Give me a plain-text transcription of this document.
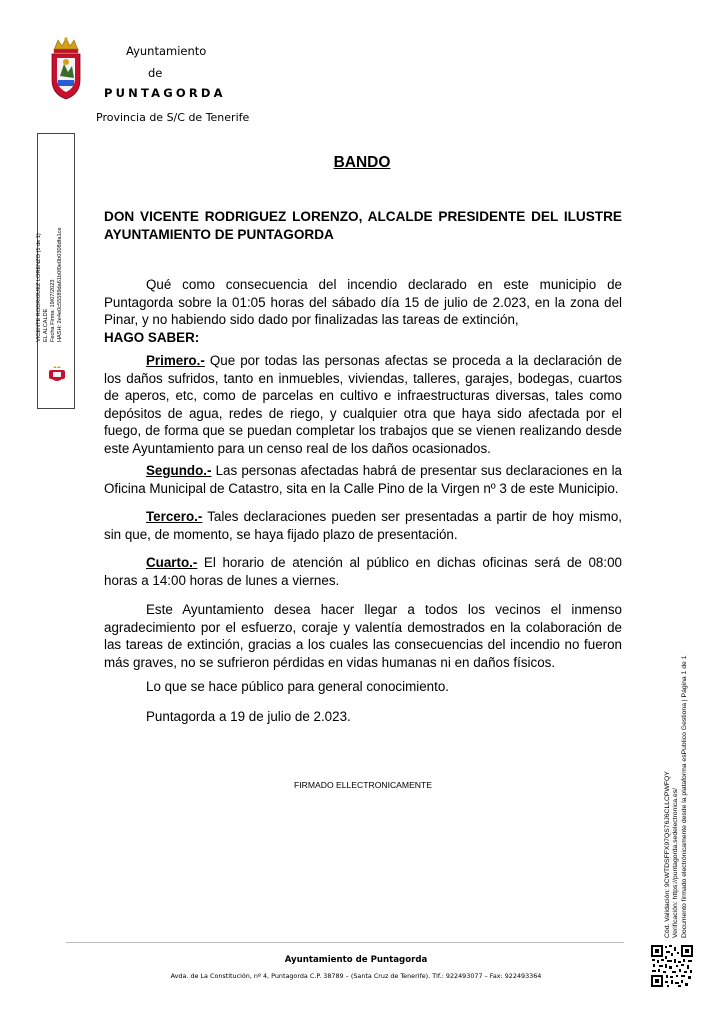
Ayuntamiento
de
PUNTAGORDA
Provincia de S/C de Tenerife
VICENTE RODRIGUEZ LORENZO (1 de 1) EL ALCALDE Fecha Firma: 19/07/2023 HASH: 2e4e0c55589da61b0f0e0b0308dfa1ce
BANDO
DON VICENTE RODRIGUEZ LORENZO, ALCALDE PRESIDENTE DEL ILUSTRE AYUNTAMIENTO DE PUNTAGORDA
Qué como consecuencia del incendio declarado en este municipio de Puntagorda sobre la 01:05 horas del sábado día 15 de julio de 2.023, en la zona del Pinar, y no habiendo sido dado por finalizadas las tareas de extinción,
HAGO SABER:
Primero.- Que por todas las personas afectas se proceda a la declaración de los daños sufridos, tanto en inmuebles, viviendas, talleres, garajes, bodegas, cuartos de aperos, etc, como de parcelas en cultivo e infraestructuras diversas, tales como depósitos de agua, redes de riego, y cualquier otra que haya sido afectada por el fuego, de forma que se puedan completar los trabajos que se vienen realizando desde este Ayuntamiento para un censo real de los daños ocasionados.
Segundo.- Las personas afectadas habrá de presentar sus declaraciones en la Oficina Municipal de Catastro, sita en la Calle Pino de la Virgen nº 3 de este Municipio.
Tercero.- Tales declaraciones pueden ser presentadas a partir de hoy mismo, sin que, de momento, se haya fijado plazo de presentación.
Cuarto.- El horario de atención al público en dichas oficinas será de 08:00 horas a 14:00 horas de lunes a viernes.
Este Ayuntamiento desea hacer llegar a todos los vecinos el inmenso agradecimiento por el esfuerzo, coraje y valentía demostrados en la colaboración de las tareas de extinción, gracias a los cuales las consecuencias del incendio no fueron más graves, no se sufrieron pérdidas en vidas humanas ni en daños físicos.
Lo que se hace público para general conocimiento.
Puntagorda a 19 de julio de 2.023.
FIRMADO ELLECTRONICAMENTE	Cód. Validación: 9CWTDSFFX97QS76J6CLLCPWFQY Verificación: https://puntagorda.sedelectronica.es/ Documento firmado electrónicamente desde la plataforma esPublico Gestiona | Página 1 de 1
Ayuntamiento de Puntagorda
Avda. de La Constitución, nº 4, Puntagorda C.P. 38789 – (Santa Cruz de Tenerife). Tlf.: 922493077 – Fax: 922493364
